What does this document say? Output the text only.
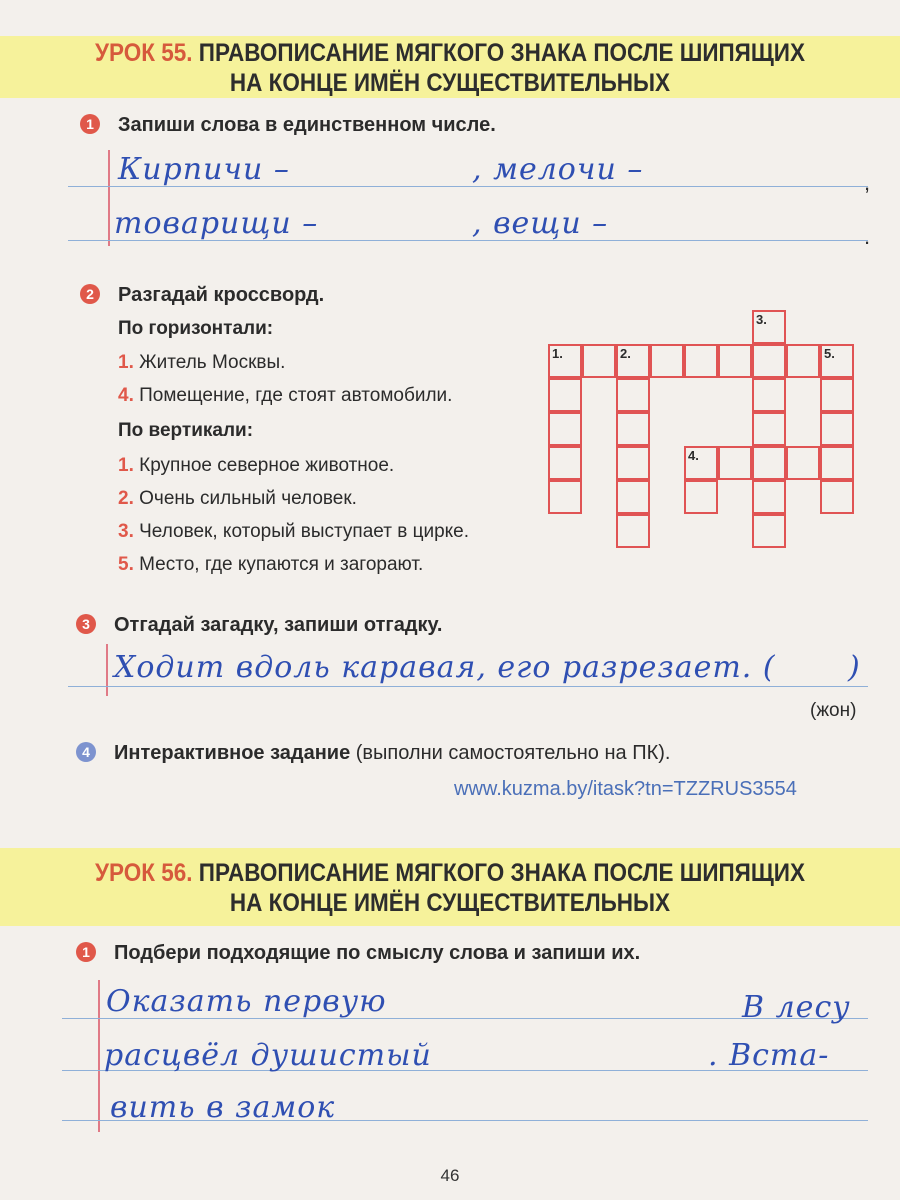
УРОК 55. ПРАВОПИСАНИЕ МЯГКОГО ЗНАКА ПОСЛЕ ШИПЯЩИХ
НА КОНЦЕ ИМЁН СУЩЕСТВИТЕЛЬНЫХ
1	Запиши слова в единственном числе.
Кирпичи –	, мелочи –
товарищи –	, вещи –
,
.
2	Разгадай кроссворд.
По горизонтали:
1. Житель Москвы.
4. Помещение, где стоят автомобили.
По вертикали:
1. Крупное северное животное.
2. Очень сильный человек.
3. Человек, который выступает в цирке.
5. Место, где купаются и загорают.
1.	2.
3.
4.
5.
3	Отгадай загадку, запиши отгадку.
Ходит вдоль каравая, его разрезает. ( )
(жон)
4	Интерактивное задание (выполни самостоятельно на ПК).
www.kuzma.by/itask?tn=TZZRUS3554
УРОК 56. ПРАВОПИСАНИЕ МЯГКОГО ЗНАКА ПОСЛЕ ШИПЯЩИХ
НА КОНЦЕ ИМЁН СУЩЕСТВИТЕЛЬНЫХ
1	Подбери подходящие по смыслу слова и запиши их.
Оказать первую	В лесу
расцвёл душистый	. Вста-
вить в замок
46
